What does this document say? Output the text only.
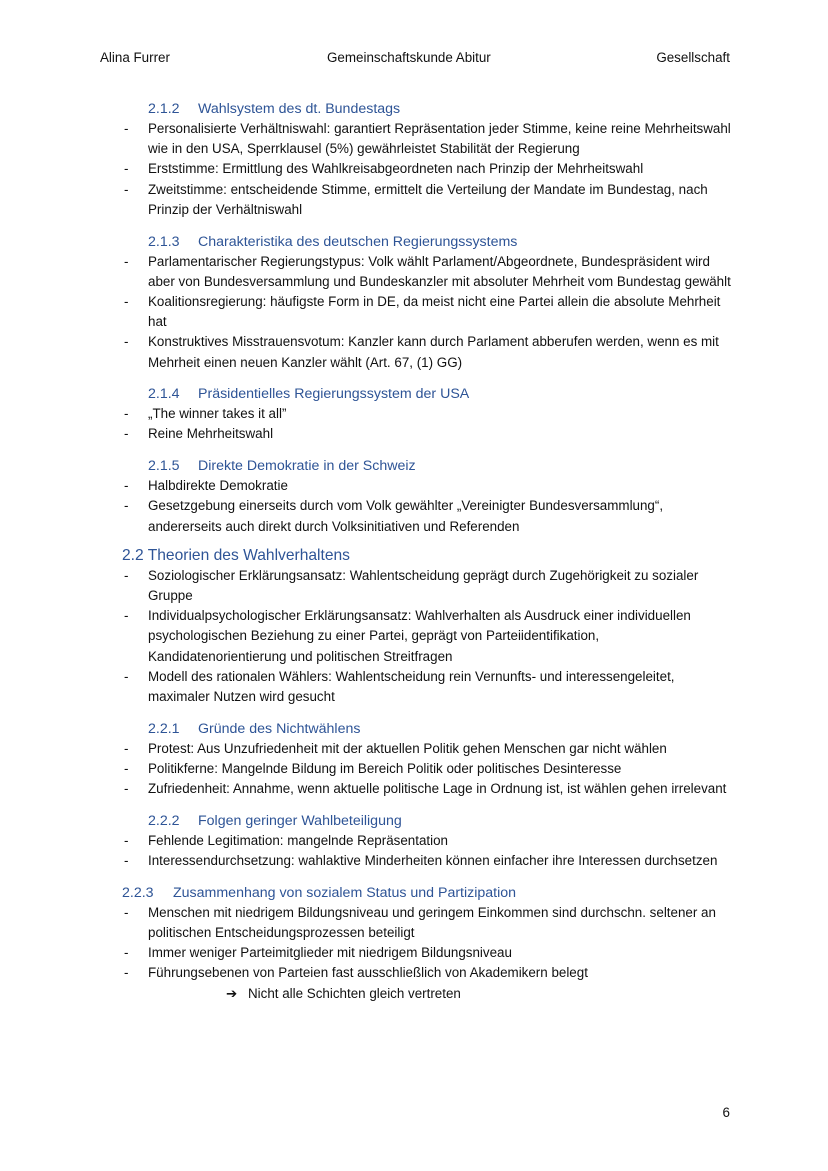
Alina Furrer	Gemeinschaftskunde Abitur	Gesellschaft
2.1.2 Wahlsystem des dt. Bundestags
- Personalisierte Verhältniswahl: garantiert Repräsentation jeder Stimme, keine reine Mehrheitswahl wie in den USA, Sperrklausel (5%) gewährleistet Stabilität der Regierung
- Erststimme: Ermittlung des Wahlkreisabgeordneten nach Prinzip der Mehrheitswahl
- Zweitstimme: entscheidende Stimme, ermittelt die Verteilung der Mandate im Bundestag, nach Prinzip der Verhältniswahl
2.1.3 Charakteristika des deutschen Regierungssystems
- Parlamentarischer Regierungstypus: Volk wählt Parlament/Abgeordnete, Bundespräsident wird aber von Bundesversammlung und Bundeskanzler mit absoluter Mehrheit vom Bundestag gewählt
- Koalitionsregierung: häufigste Form in DE, da meist nicht eine Partei allein die absolute Mehrheit hat
- Konstruktives Misstrauensvotum: Kanzler kann durch Parlament abberufen werden, wenn es mit Mehrheit einen neuen Kanzler wählt (Art. 67, (1) GG)
2.1.4 Präsidentielles Regierungssystem der USA
- „The winner takes it all”
- Reine Mehrheitswahl
2.1.5 Direkte Demokratie in der Schweiz
- Halbdirekte Demokratie
- Gesetzgebung einerseits durch vom Volk gewählter „Vereinigter Bundesversammlung“, andererseits auch direkt durch Volksinitiativen und Referenden
2.2 Theorien des Wahlverhaltens
- Soziologischer Erklärungsansatz: Wahlentscheidung geprägt durch Zugehörigkeit zu sozialer Gruppe
- Individualpsychologischer Erklärungsansatz: Wahlverhalten als Ausdruck einer individuellen psychologischen Beziehung zu einer Partei, geprägt von Parteiidentifikation, Kandidatenorientierung und politischen Streitfragen
- Modell des rationalen Wählers: Wahlentscheidung rein Vernunfts- und interessengeleitet, maximaler Nutzen wird gesucht
2.2.1 Gründe des Nichtwählens
- Protest: Aus Unzufriedenheit mit der aktuellen Politik gehen Menschen gar nicht wählen
- Politikferne: Mangelnde Bildung im Bereich Politik oder politisches Desinteresse
- Zufriedenheit: Annahme, wenn aktuelle politische Lage in Ordnung ist, ist wählen gehen irrelevant
2.2.2 Folgen geringer Wahlbeteiligung
- Fehlende Legitimation: mangelnde Repräsentation
- Interessendurchsetzung: wahlaktive Minderheiten können einfacher ihre Interessen durchsetzen
2.2.3 Zusammenhang von sozialem Status und Partizipation
- Menschen mit niedrigem Bildungsniveau und geringem Einkommen sind durchschn. seltener an politischen Entscheidungsprozessen beteiligt
- Immer weniger Parteimitglieder mit niedrigem Bildungsniveau
- Führungsebenen von Parteien fast ausschließlich von Akademikern belegt
➔ Nicht alle Schichten gleich vertreten
6
